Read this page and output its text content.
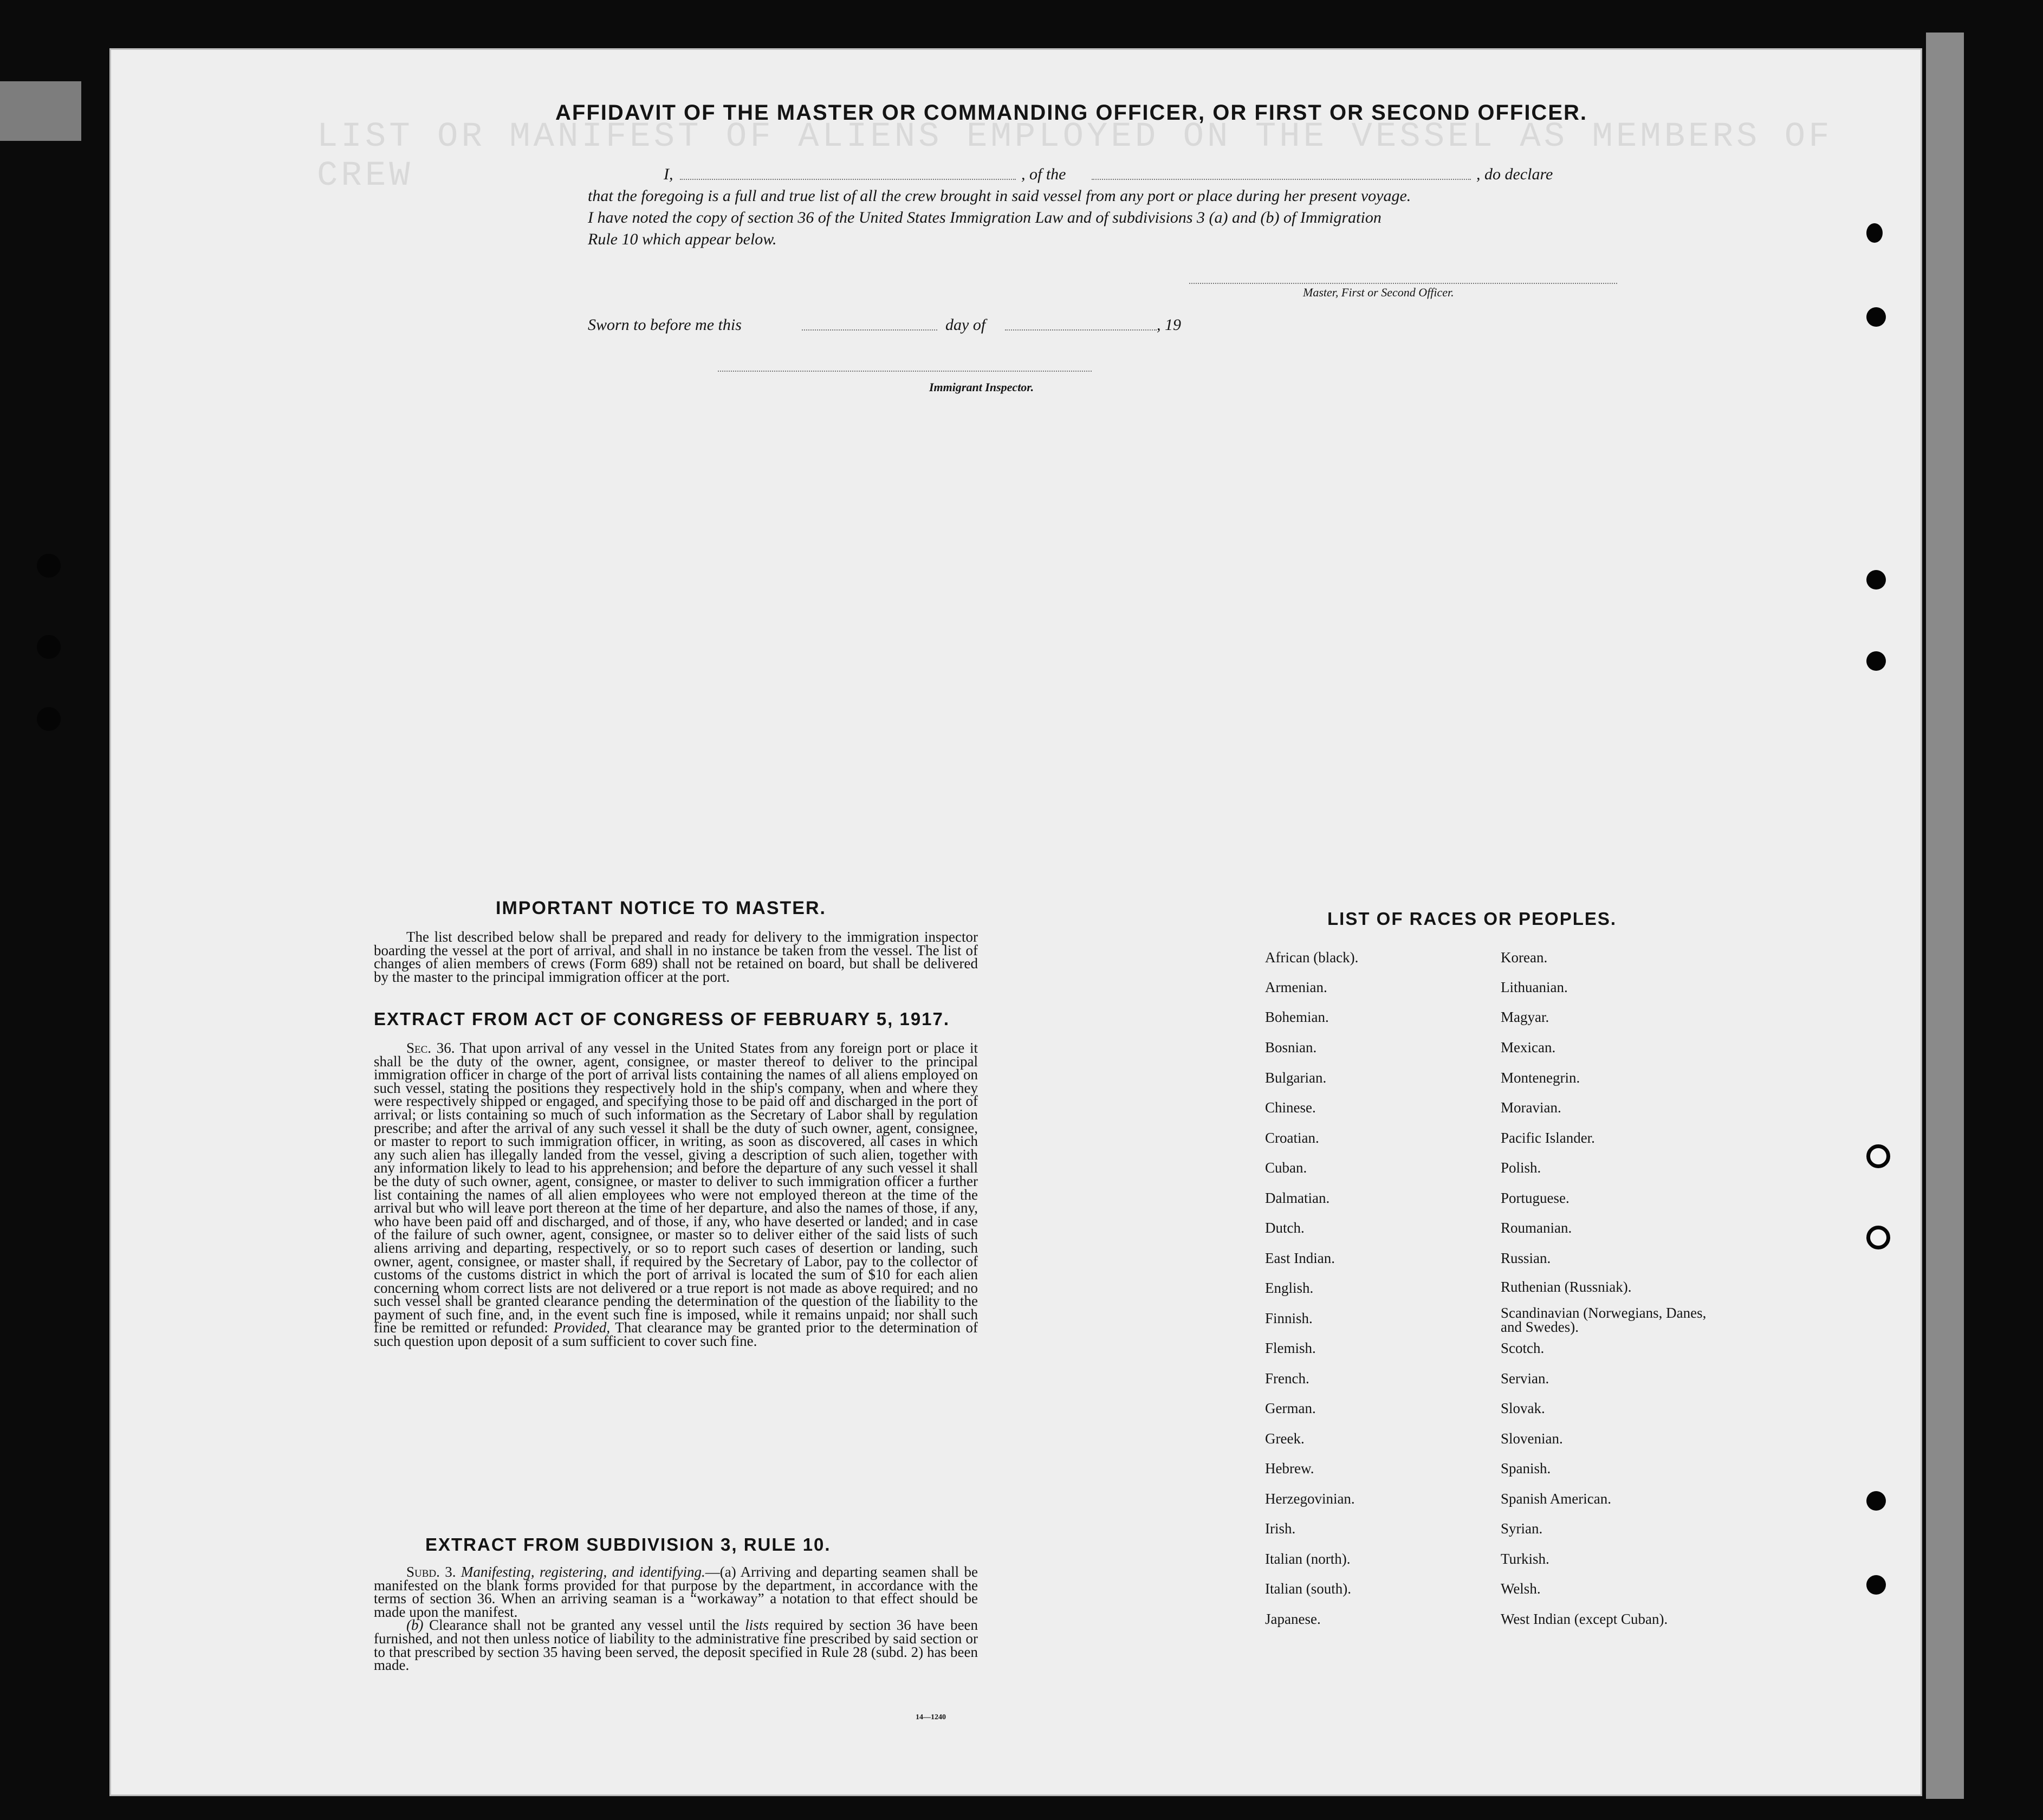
LIST OR MANIFEST OF ALIENS EMPLOYED ON THE VESSEL AS MEMBERS OF CREW
AFFIDAVIT OF THE MASTER OR COMMANDING OFFICER, OR FIRST OR SECOND OFFICER.
I,	, of the	, do declare
that the foregoing is a full and true list of all the crew brought in said vessel from any port or place during her present voyage.
I have noted the copy of section 36 of the United States Immigration Law and of subdivisions 3 (a) and (b) of Immigration
Rule 10 which appear below.
Master, First or Second Officer.
Sworn to before me this	day of	, 19
Immigrant Inspector.
IMPORTANT NOTICE TO MASTER.

The list described below shall be prepared and ready for delivery to the immigration inspector boarding the vessel at the port of arrival, and shall in no instance be taken from the vessel. The list of changes of alien members of crews (Form 689) shall not be retained on board, but shall be delivered by the master to the principal immigration officer at the port.

EXTRACT FROM ACT OF CONGRESS OF FEBRUARY 5, 1917.

Sec. 36. That upon arrival of any vessel in the United States from any foreign port or place it shall be the duty of the owner, agent, consignee, or master thereof to deliver to the principal immigration officer in charge of the port of arrival lists containing the names of all aliens employed on such vessel, stating the positions they respectively hold in the ship's company, when and where they were respectively shipped or engaged, and specifying those to be paid off and discharged in the port of arrival; or lists containing so much of such information as the Secretary of Labor shall by regulation prescribe; and after the arrival of any such vessel it shall be the duty of such owner, agent, consignee, or master to report to such immigration officer, in writing, as soon as discovered, all cases in which any such alien has illegally landed from the vessel, giving a description of such alien, together with any information likely to lead to his apprehension; and before the departure of any such vessel it shall be the duty of such owner, agent, consignee, or master to deliver to such immigration officer a further list containing the names of all alien employees who were not employed thereon at the time of the arrival but who will leave port thereon at the time of her departure, and also the names of those, if any, who have been paid off and discharged, and of those, if any, who have deserted or landed; and in case of the failure of such owner, agent, consignee, or master so to deliver either of the said lists of such aliens arriving and departing, respectively, or so to report such cases of desertion or landing, such owner, agent, consignee, or master shall, if required by the Secretary of Labor, pay to the collector of customs of the customs district in which the port of arrival is located the sum of $10 for each alien concerning whom correct lists are not delivered or a true report is not made as above required; and no such vessel shall be granted clearance pending the determination of the question of the liability to the payment of such fine, and, in the event such fine is imposed, while it remains unpaid; nor shall such fine be remitted or refunded: Provided, That clearance may be granted prior to the determination of such question upon deposit of a sum sufficient to cover such fine.

EXTRACT FROM SUBDIVISION 3, RULE 10.

Subd. 3. Manifesting, registering, and identifying.—(a) Arriving and departing seamen shall be manifested on the blank forms provided for that purpose by the department, in accordance with the terms of section 36. When an arriving seaman is a “workaway” a notation to that effect should be made upon the manifest.

(b) Clearance shall not be granted any vessel until the lists required by section 36 have been furnished, and not then unless notice of liability to the administrative fine prescribed by said section or to that prescribed by section 35 having been served, the deposit specified in Rule 28 (subd. 2) has been made.

14—1240
LIST OF RACES OR PEOPLES.
African (black).
Armenian.
Bohemian.
Bosnian.
Bulgarian.
Chinese.
Croatian.
Cuban.
Dalmatian.
Dutch.
East Indian.
English.
Finnish.
Flemish.
French.
German.
Greek.
Hebrew.
Herzegovinian.
Irish.
Italian (north).
Italian (south).
Japanese.
Korean.
Lithuanian.
Magyar.
Mexican.
Montenegrin.
Moravian.
Pacific Islander.
Polish.
Portuguese.
Roumanian.
Russian.
Ruthenian (Russniak).
Scandinavian (Norwegians, Danes, and Swedes).
Scotch.
Servian.
Slovak.
Slovenian.
Spanish.
Spanish American.
Syrian.
Turkish.
Welsh.
West Indian (except Cuban).
